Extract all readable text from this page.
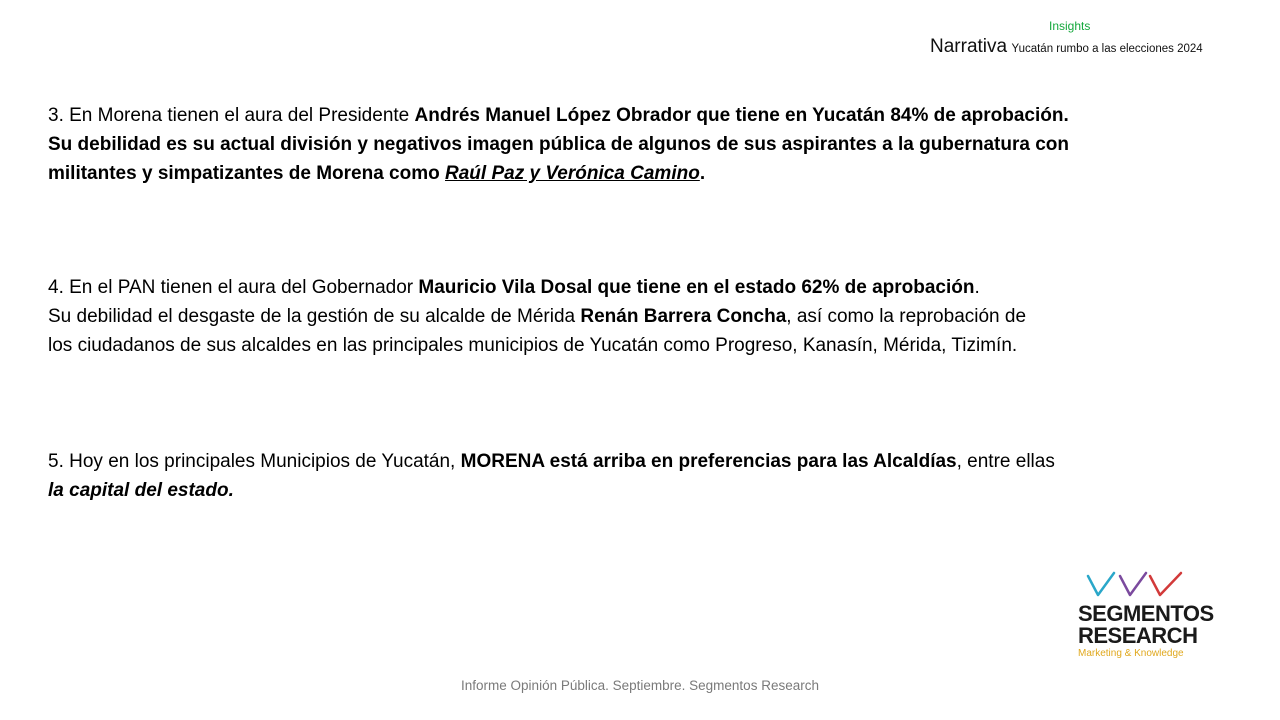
Insights
Narrativa Yucatán rumbo a las elecciones 2024
3. En Morena tienen el aura del Presidente Andrés Manuel López Obrador que tiene en Yucatán 84% de aprobación.
Su debilidad es su actual división y negativos imagen pública de algunos de sus aspirantes a la gubernatura con
militantes y simpatizantes de Morena como Raúl Paz y Verónica Camino.
4. En el PAN tienen el aura del Gobernador Mauricio Vila Dosal que tiene en el estado 62% de aprobación.
Su debilidad el desgaste de la gestión de su alcalde de Mérida Renán Barrera Concha, así como la reprobación de
los ciudadanos de sus alcaldes en las principales municipios de Yucatán como Progreso, Kanasín, Mérida, Tizimín.
5. Hoy en los principales Municipios de Yucatán, MORENA está arriba en preferencias para las Alcaldías, entre ellas
la capital del estado.
SEGMENTOS
RESEARCH
Marketing & Knowledge
Informe Opinión Pública. Septiembre. Segmentos Research
